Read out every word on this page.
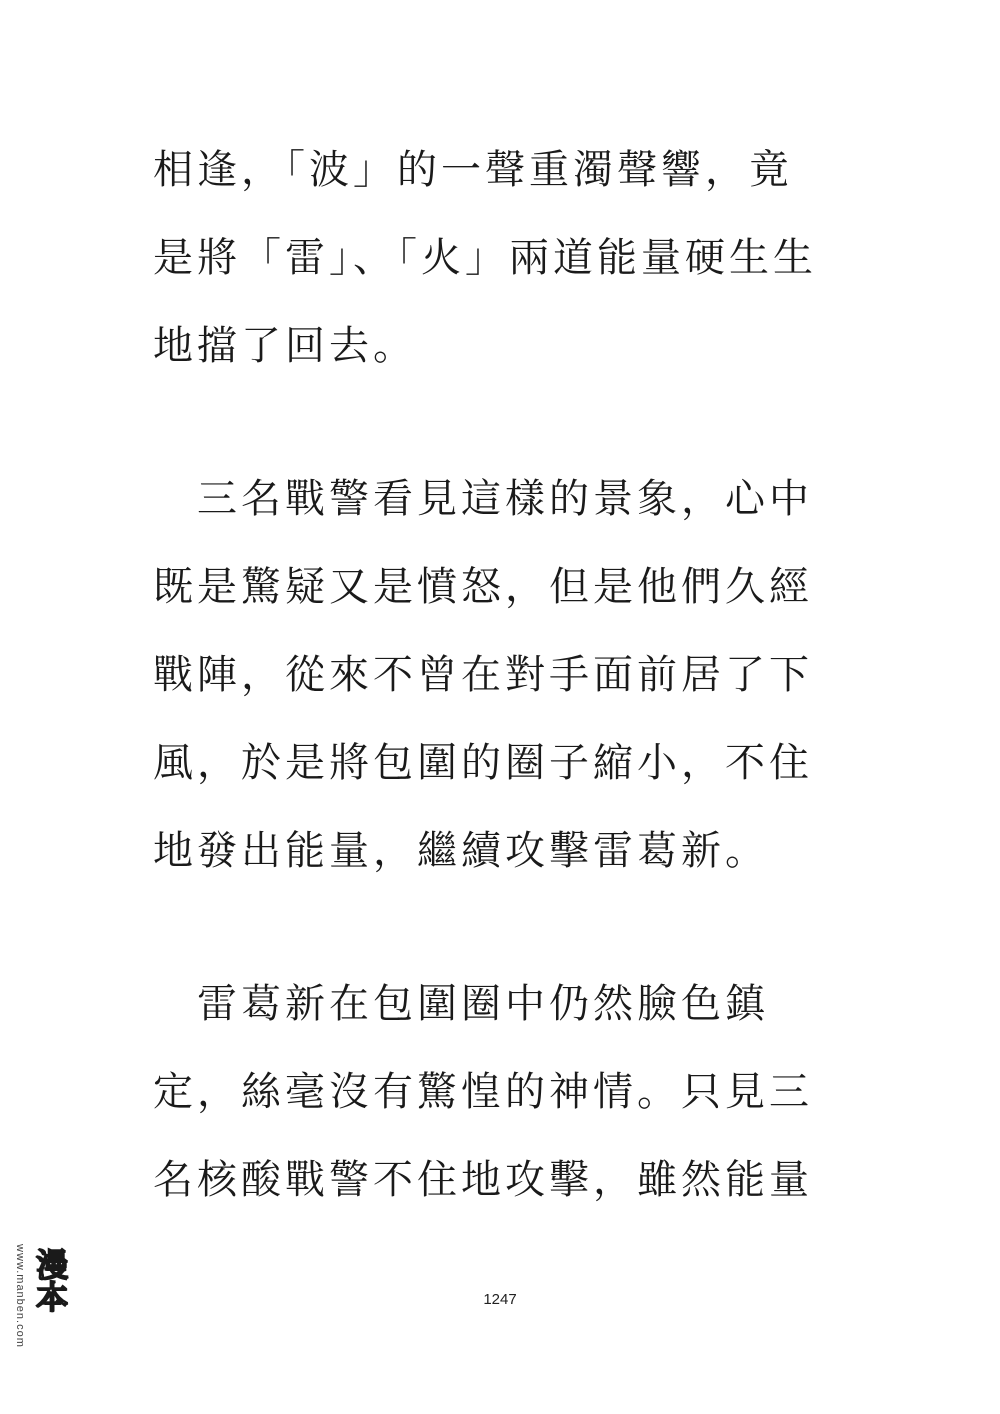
相逢，「波」的一聲重濁聲響，竟
是將「雷」、「火」兩道能量硬生生
地擋了回去。
　三名戰警看見這樣的景象，心中
既是驚疑又是憤怒，但是他們久經
戰陣，從來不曾在對手面前居了下
風，於是將包圍的圈子縮小，不住
地發出能量，繼續攻擊雷葛新。
　雷葛新在包圍圈中仍然臉色鎮
定，絲毫沒有驚惶的神情。只見三
名核酸戰警不住地攻擊，雖然能量
1247
www.manben.com 漫本
